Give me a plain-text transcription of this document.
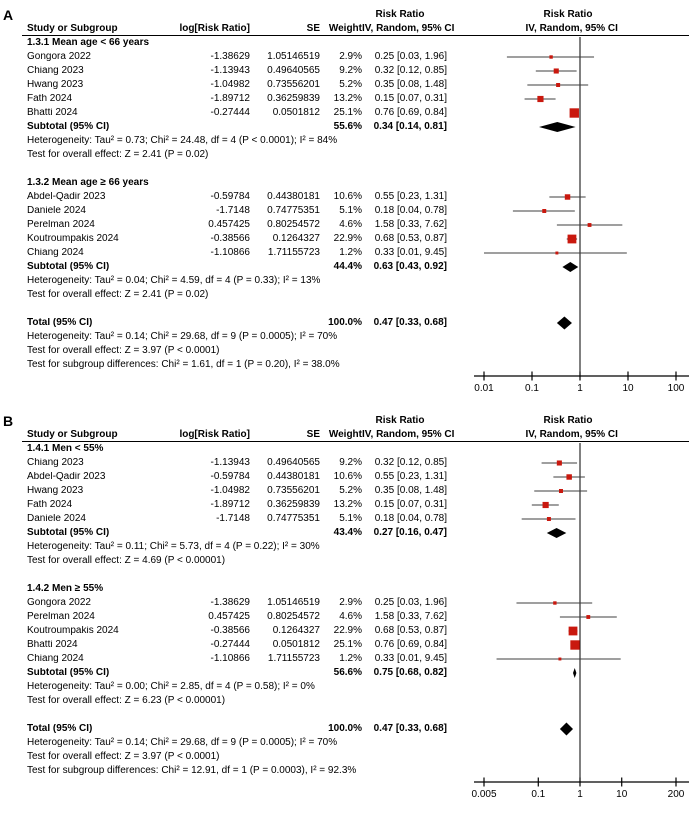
A	Risk Ratio	Risk Ratio
Study or Subgroup	log[Risk Ratio]	SE Weight IV, Random, 95% CI	IV, Random, 95% CI
1.3.1 Mean age < 66 years
Gongora 2022	-1.38629	1.05146519	2.9%	0.25 [0.03, 1.96]
Chiang 2023	-1.13943	0.49640565	9.2%	0.32 [0.12, 0.85]
Hwang 2023	-1.04982	0.73556201	5.2%	0.35 [0.08, 1.48]
Fath 2024	-1.89712	0.36259839	13.2%	0.15 [0.07, 0.31]
Bhatti 2024	-0.27444	0.0501812	25.1%	0.76 [0.69, 0.84]
Subtotal (95% CI)	55.6%	0.34 [0.14, 0.81]
Heterogeneity: Tau² = 0.73; Chi² = 24.48, df = 4 (P < 0.0001); I² = 84%
Test for overall effect: Z = 2.41 (P = 0.02)
1.3.2 Mean age ≥ 66 years
Abdel-Qadir 2023	-0.59784	0.44380181	10.6%	0.55 [0.23, 1.31]
Daniele 2024	-1.7148	0.74775351	5.1%	0.18 [0.04, 0.78]
Perelman 2024	0.457425	0.80254572	4.6%	1.58 [0.33, 7.62]
Koutroumpakis 2024	-0.38566	0.1264327	22.9%	0.68 [0.53, 0.87]
Chiang 2024	-1.10866	1.71155723	1.2%	0.33 [0.01, 9.45]
Subtotal (95% CI)	44.4%	0.63 [0.43, 0.92]
Heterogeneity: Tau² = 0.04; Chi² = 4.59, df = 4 (P = 0.33); I² = 13%
Test for overall effect: Z = 2.41 (P = 0.02)
Total (95% CI)	100.0%	0.47 [0.33, 0.68]
Heterogeneity: Tau² = 0.14; Chi² = 29.68, df = 9 (P = 0.0005); I² = 70%
Test for overall effect: Z = 3.97 (P < 0.0001)
Test for subgroup differences: Chi² = 1.61, df = 1 (P = 0.20), I² = 38.0%
0.01	0.1	1	10	100
B	Risk Ratio	Risk Ratio
Study or Subgroup	log[Risk Ratio]	SE Weight IV, Random, 95% CI	IV, Random, 95% CI
1.4.1 Men < 55%
Chiang 2023	-1.13943	0.49640565	9.2%	0.32 [0.12, 0.85]
Abdel-Qadir 2023	-0.59784	0.44380181	10.6%	0.55 [0.23, 1.31]
Hwang 2023	-1.04982	0.73556201	5.2%	0.35 [0.08, 1.48]
Fath 2024	-1.89712	0.36259839	13.2%	0.15 [0.07, 0.31]
Daniele 2024	-1.7148	0.74775351	5.1%	0.18 [0.04, 0.78]
Subtotal (95% CI)	43.4%	0.27 [0.16, 0.47]
Heterogeneity: Tau² = 0.11; Chi² = 5.73, df = 4 (P = 0.22); I² = 30%
Test for overall effect: Z = 4.69 (P < 0.00001)
1.4.2 Men ≥ 55%
Gongora 2022	-1.38629	1.05146519	2.9%	0.25 [0.03, 1.96]
Perelman 2024	0.457425	0.80254572	4.6%	1.58 [0.33, 7.62]
Koutroumpakis 2024	-0.38566	0.1264327	22.9%	0.68 [0.53, 0.87]
Bhatti 2024	-0.27444	0.0501812	25.1%	0.76 [0.69, 0.84]
Chiang 2024	-1.10866	1.71155723	1.2%	0.33 [0.01, 9.45]
Subtotal (95% CI)	56.6%	0.75 [0.68, 0.82]
Heterogeneity: Tau² = 0.00; Chi² = 2.85, df = 4 (P = 0.58); I² = 0%
Test for overall effect: Z = 6.23 (P < 0.00001)
Total (95% CI)	100.0%	0.47 [0.33, 0.68]
Heterogeneity: Tau² = 0.14; Chi² = 29.68, df = 9 (P = 0.0005); I² = 70%
Test for overall effect: Z = 3.97 (P < 0.0001)
Test for subgroup differences: Chi² = 12.91, df = 1 (P = 0.0003), I² = 92.3%
0.005	0.1	1	10	200
